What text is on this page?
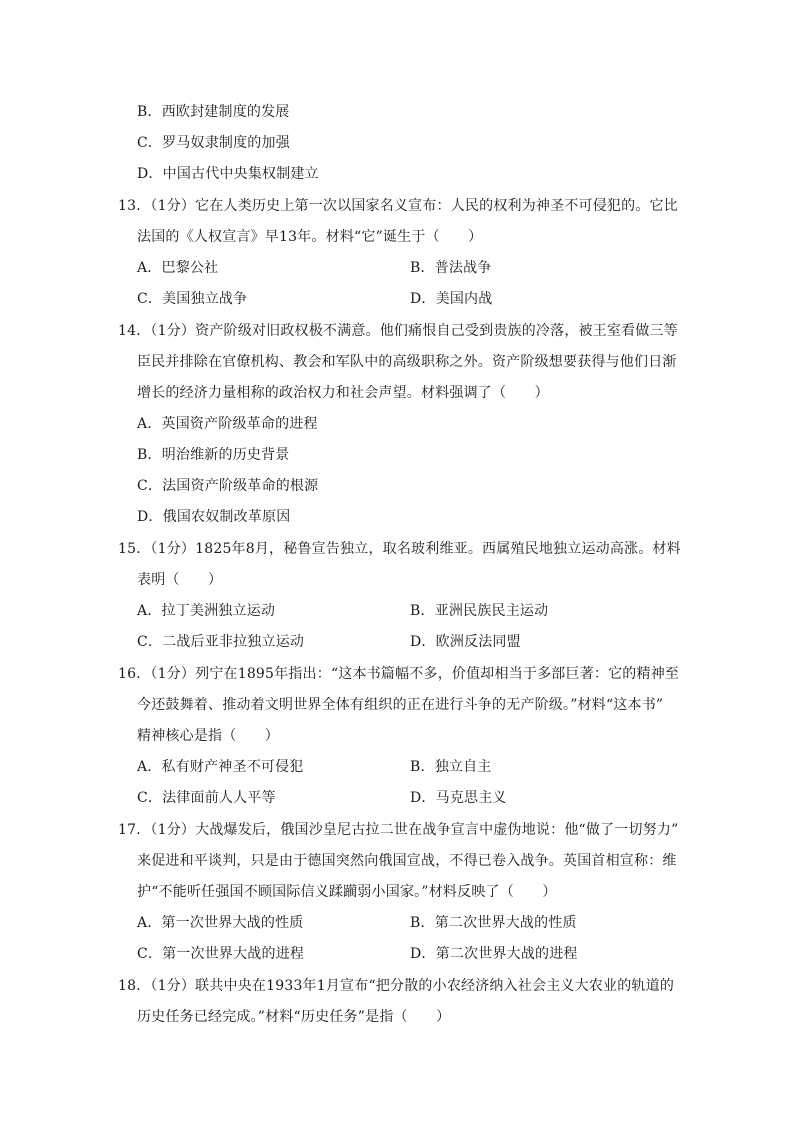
B．西欧封建制度的发展
C．罗马奴隶制度的加强
D．中国古代中央集权制建立
13．（1分）它在人类历史上第一次以国家名义宣布：人民的权利为神圣不可侵犯的。它比
法国的《人权宣言》早13年。材料“它”诞生于（　　）
A．巴黎公社	B．普法战争
C．美国独立战争	D．美国内战
14．（1分）资产阶级对旧政权极不满意。他们痛恨自己受到贵族的冷落，被王室看做三等
臣民并排除在官僚机构、教会和军队中的高级职称之外。资产阶级想要获得与他们日渐
增长的经济力量相称的政治权力和社会声望。材料强调了（　　）
A．英国资产阶级革命的进程
B．明治维新的历史背景
C．法国资产阶级革命的根源
D．俄国农奴制改革原因
15．（1分）1825年8月，秘鲁宣告独立，取名玻利维亚。西属殖民地独立运动高涨。材料
表明（　　）
A．拉丁美洲独立运动	B．亚洲民族民主运动
C．二战后亚非拉独立运动	D．欧洲反法同盟
16．（1分）列宁在1895年指出：“这本书篇幅不多，价值却相当于多部巨著：它的精神至
今还鼓舞着、推动着文明世界全体有组织的正在进行斗争的无产阶级。”材料“这本书”
精神核心是指（　　）
A．私有财产神圣不可侵犯	B．独立自主
C．法律面前人人平等	D．马克思主义
17．（1分）大战爆发后，俄国沙皇尼古拉二世在战争宣言中虚伪地说：他“做了一切努力”
来促进和平谈判，只是由于德国突然向俄国宣战，不得已卷入战争。英国首相宣称：维
护“不能听任强国不顾国际信义蹂躏弱小国家。”材料反映了（　　）
A．第一次世界大战的性质	B．第二次世界大战的性质
C．第一次世界大战的进程	D．第二次世界大战的进程
18．（1分）联共中央在1933年1月宣布“把分散的小农经济纳入社会主义大农业的轨道的
历史任务已经完成。”材料“历史任务”是指（　　）
